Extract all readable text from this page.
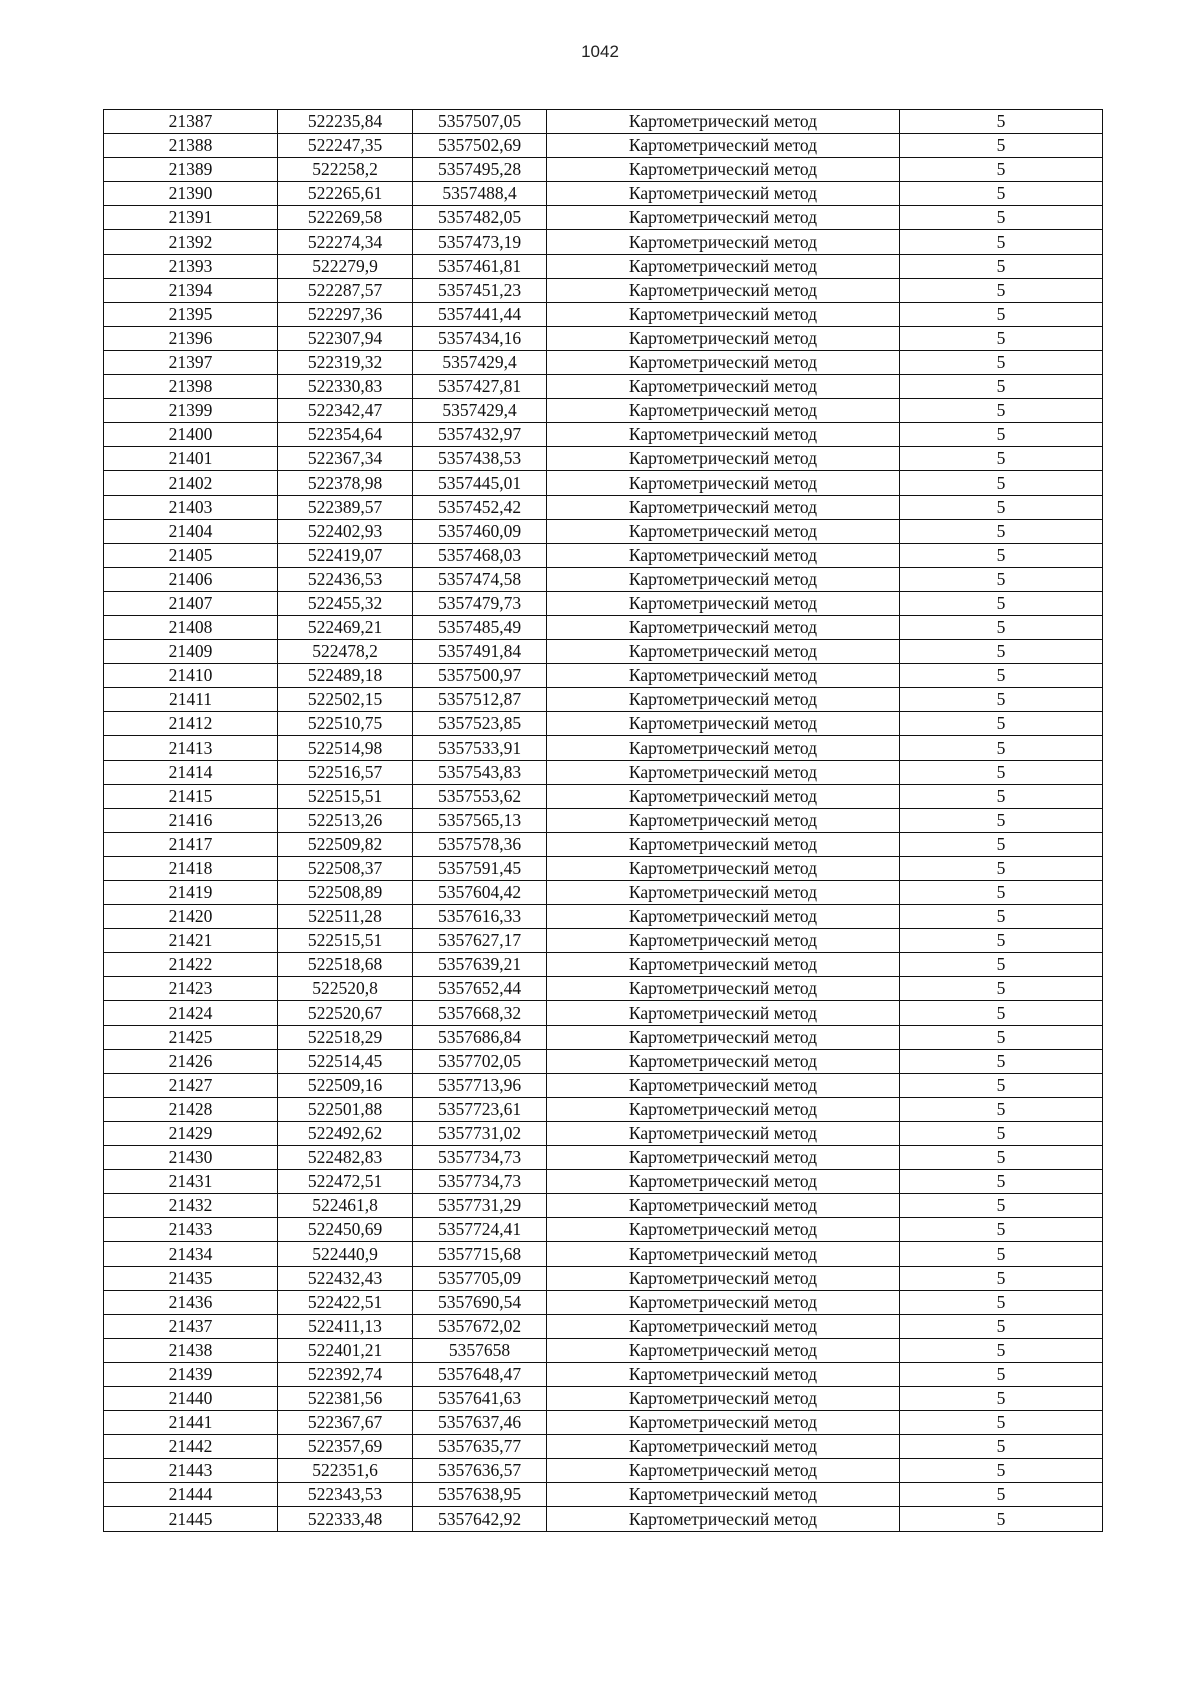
1042
21387	522235,84	5357507,05	Картометрический метод	5
21388	522247,35	5357502,69	Картометрический метод	5
21389	522258,2	5357495,28	Картометрический метод	5
21390	522265,61	5357488,4	Картометрический метод	5
21391	522269,58	5357482,05	Картометрический метод	5
21392	522274,34	5357473,19	Картометрический метод	5
21393	522279,9	5357461,81	Картометрический метод	5
21394	522287,57	5357451,23	Картометрический метод	5
21395	522297,36	5357441,44	Картометрический метод	5
21396	522307,94	5357434,16	Картометрический метод	5
21397	522319,32	5357429,4	Картометрический метод	5
21398	522330,83	5357427,81	Картометрический метод	5
21399	522342,47	5357429,4	Картометрический метод	5
21400	522354,64	5357432,97	Картометрический метод	5
21401	522367,34	5357438,53	Картометрический метод	5
21402	522378,98	5357445,01	Картометрический метод	5
21403	522389,57	5357452,42	Картометрический метод	5
21404	522402,93	5357460,09	Картометрический метод	5
21405	522419,07	5357468,03	Картометрический метод	5
21406	522436,53	5357474,58	Картометрический метод	5
21407	522455,32	5357479,73	Картометрический метод	5
21408	522469,21	5357485,49	Картометрический метод	5
21409	522478,2	5357491,84	Картометрический метод	5
21410	522489,18	5357500,97	Картометрический метод	5
21411	522502,15	5357512,87	Картометрический метод	5
21412	522510,75	5357523,85	Картометрический метод	5
21413	522514,98	5357533,91	Картометрический метод	5
21414	522516,57	5357543,83	Картометрический метод	5
21415	522515,51	5357553,62	Картометрический метод	5
21416	522513,26	5357565,13	Картометрический метод	5
21417	522509,82	5357578,36	Картометрический метод	5
21418	522508,37	5357591,45	Картометрический метод	5
21419	522508,89	5357604,42	Картометрический метод	5
21420	522511,28	5357616,33	Картометрический метод	5
21421	522515,51	5357627,17	Картометрический метод	5
21422	522518,68	5357639,21	Картометрический метод	5
21423	522520,8	5357652,44	Картометрический метод	5
21424	522520,67	5357668,32	Картометрический метод	5
21425	522518,29	5357686,84	Картометрический метод	5
21426	522514,45	5357702,05	Картометрический метод	5
21427	522509,16	5357713,96	Картометрический метод	5
21428	522501,88	5357723,61	Картометрический метод	5
21429	522492,62	5357731,02	Картометрический метод	5
21430	522482,83	5357734,73	Картометрический метод	5
21431	522472,51	5357734,73	Картометрический метод	5
21432	522461,8	5357731,29	Картометрический метод	5
21433	522450,69	5357724,41	Картометрический метод	5
21434	522440,9	5357715,68	Картометрический метод	5
21435	522432,43	5357705,09	Картометрический метод	5
21436	522422,51	5357690,54	Картометрический метод	5
21437	522411,13	5357672,02	Картометрический метод	5
21438	522401,21	5357658	Картометрический метод	5
21439	522392,74	5357648,47	Картометрический метод	5
21440	522381,56	5357641,63	Картометрический метод	5
21441	522367,67	5357637,46	Картометрический метод	5
21442	522357,69	5357635,77	Картометрический метод	5
21443	522351,6	5357636,57	Картометрический метод	5
21444	522343,53	5357638,95	Картометрический метод	5
21445	522333,48	5357642,92	Картометрический метод	5
